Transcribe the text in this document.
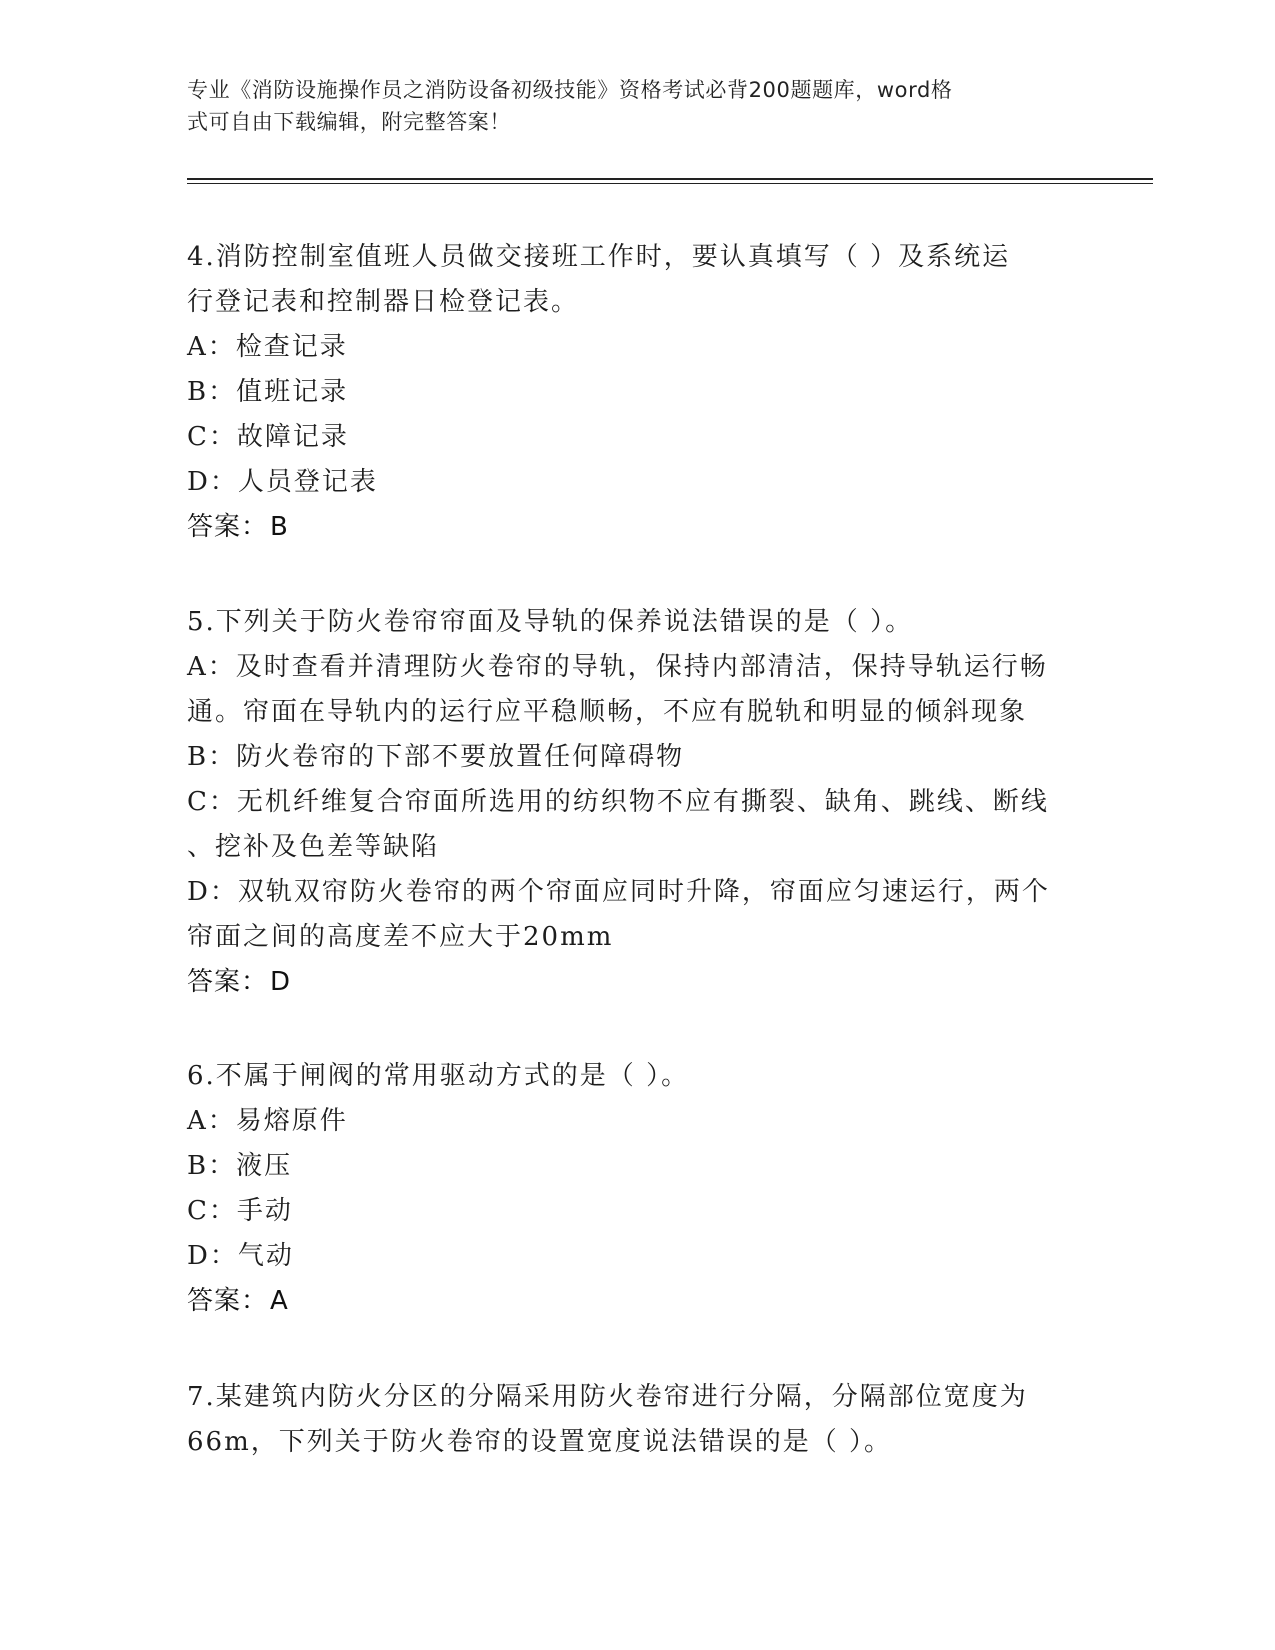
专业《消防设施操作员之消防设备初级技能》资格考试必背200题题库，word格
式可自由下载编辑，附完整答案！

4.消防控制室值班人员做交接班工作时，要认真填写（ ）及系统运

行登记表和控制器日检登记表。

A：检查记录

B：值班记录

C：故障记录

D：人员登记表

答案：B

5.下列关于防火卷帘帘面及导轨的保养说法错误的是（ ）。

A：及时查看并清理防火卷帘的导轨，保持内部清洁，保持导轨运行畅

通。帘面在导轨内的运行应平稳顺畅，不应有脱轨和明显的倾斜现象

B：防火卷帘的下部不要放置任何障碍物

C：无机纤维复合帘面所选用的纺织物不应有撕裂、缺角、跳线、断线

、挖补及色差等缺陷

D：双轨双帘防火卷帘的两个帘面应同时升降，帘面应匀速运行，两个

帘面之间的高度差不应大于20mm

答案：D

6.不属于闸阀的常用驱动方式的是（ ）。

A：易熔原件

B：液压

C：手动

D：气动

答案：A

7.某建筑内防火分区的分隔采用防火卷帘进行分隔，分隔部位宽度为

66m，下列关于防火卷帘的设置宽度说法错误的是（ ）。
